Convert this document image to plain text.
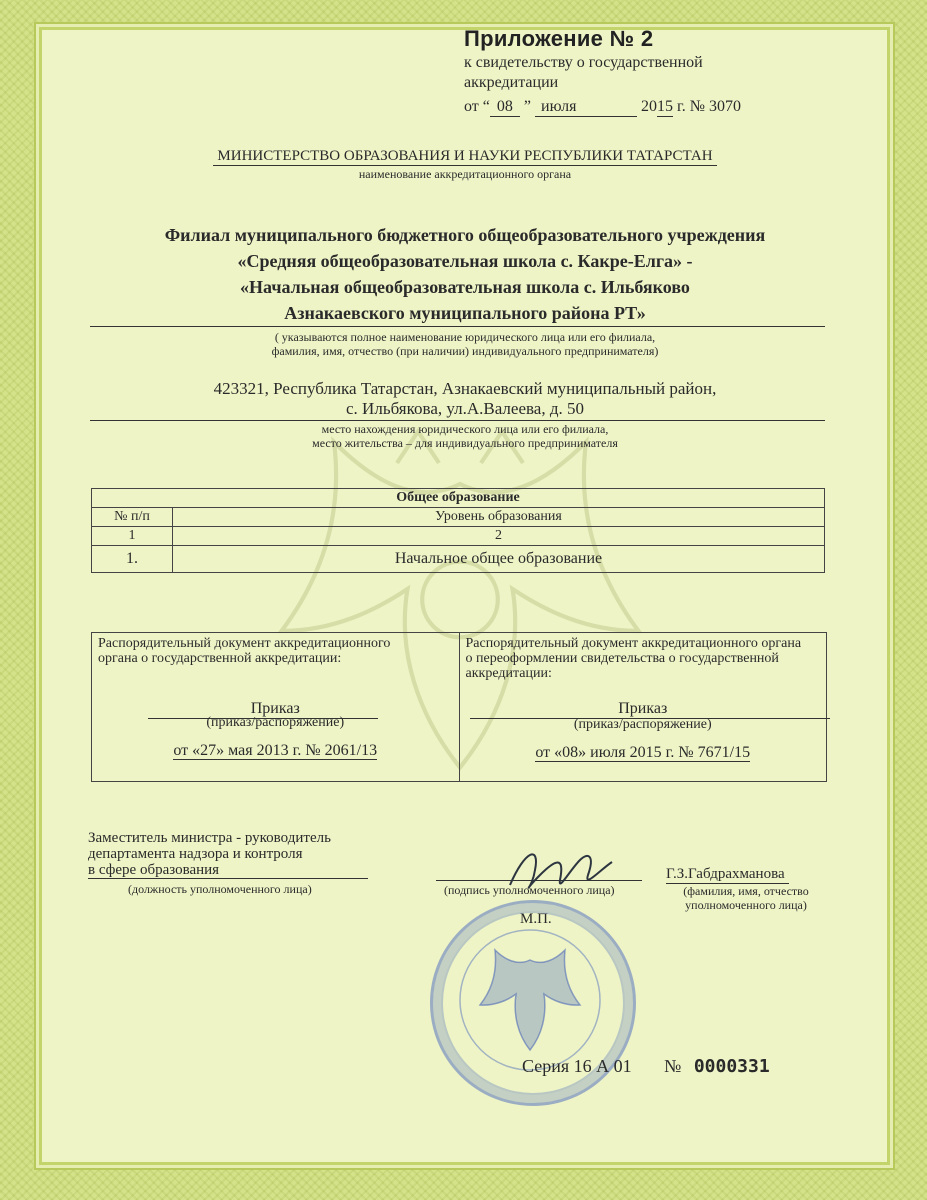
Приложение № 2
к свидетельству о государственной
аккредитации
от “ 08 ” июля	2015 г. № 3070
МИНИСТЕРСТВО ОБРАЗОВАНИЯ И НАУКИ РЕСПУБЛИКИ ТАТАРСТАН
наименование аккредитационного органа
Филиал муниципального бюджетного общеобразовательного учреждения
«Средняя общеобразовательная школа с. Какре-Елга» -
«Начальная общеобразовательная школа с. Ильбяково
Азнакаевского муниципального района РТ»
( указываются полное наименование юридического лица или его филиала,
фамилия, имя, отчество (при наличии) индивидуального предпринимателя)
423321, Республика Татарстан, Азнакаевский муниципальный район,
с. Ильбякова, ул.А.Валеева, д. 50
место нахождения юридического лица или его филиала,
место жительства – для индивидуального предпринимателя
Общее образование	
№ п/п	Уровень образования
1	2
1.	Начальное общее образование
Распорядительный документ аккредитационного органа о государственной аккредитации:
Приказ
(приказ/распоряжение)
от «27» мая 2013 г. № 2061/13
Распорядительный документ аккредитационного органа о переоформлении свидетельства о государственной аккредитации:
Приказ
(приказ/распоряжение)
от «08» июля 2015 г. № 7671/15
Заместитель министра - руководитель
департамента надзора и контроля
в сфере образования
(должность уполномоченного лица)	(подпись уполномоченного лица)
М.П.
Г.З.Габдрахманова
(фамилия, имя, отчество
уполномоченного лица)
Серия 16 А 01 № 0000331
